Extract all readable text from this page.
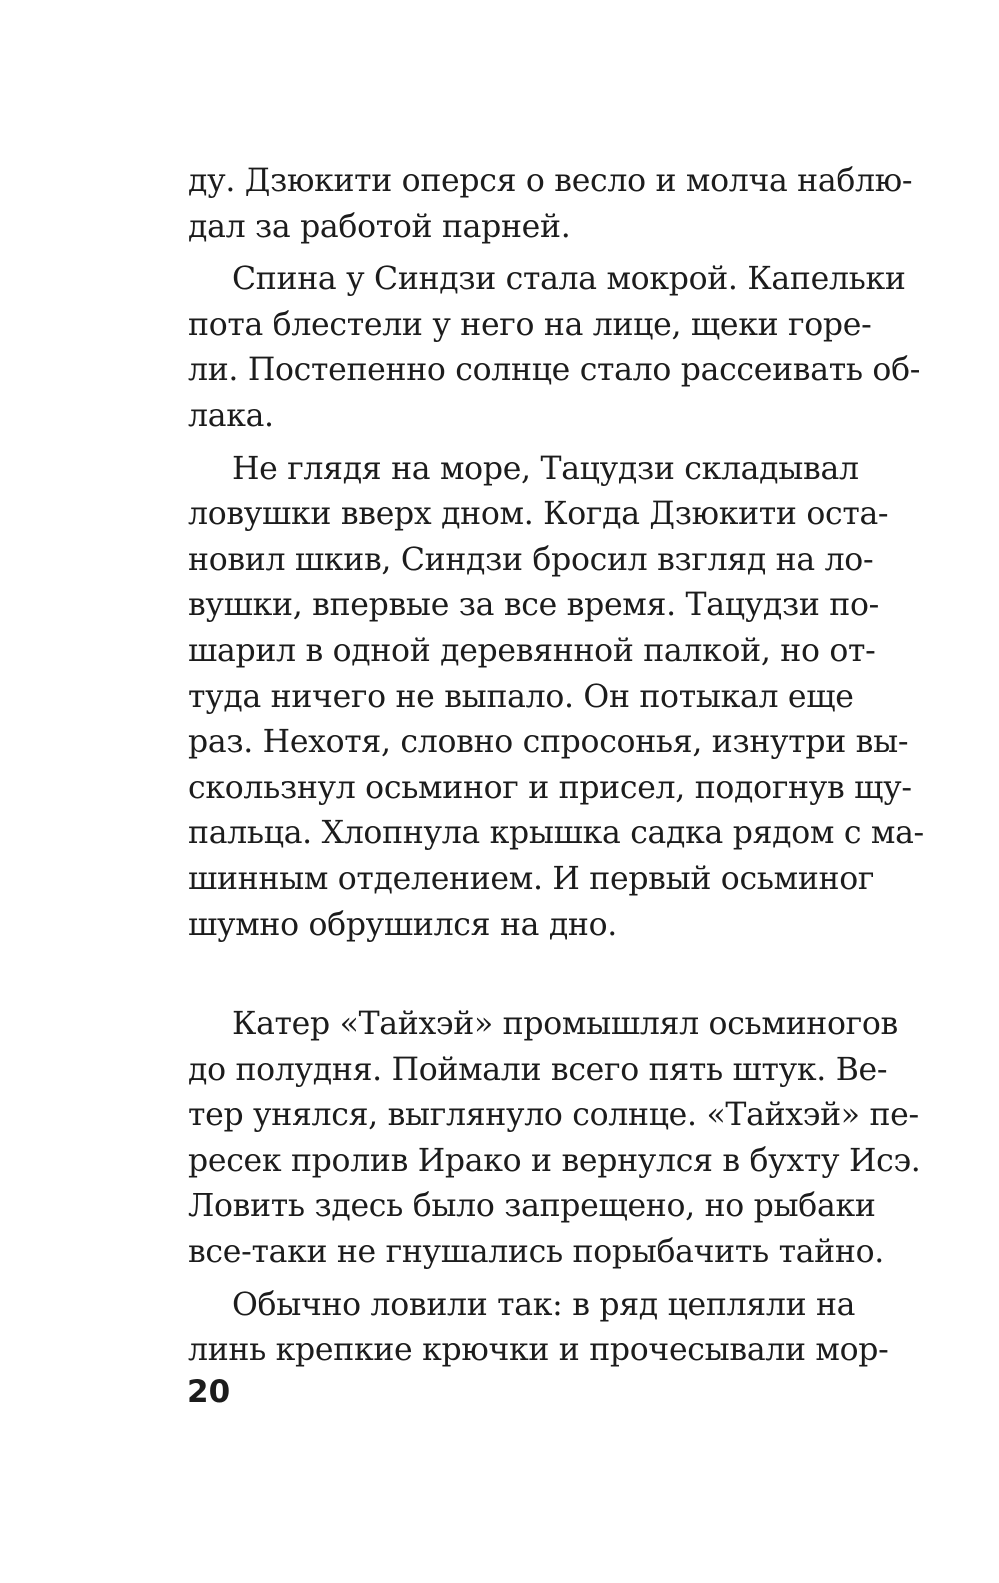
ду. Дзюкити оперся о весло и молча наблю-
дал за работой парней.
Спина у Синдзи стала мокрой. Капельки
пота блестели у него на лице, щеки горе-
ли. Постепенно солнце стало рассеивать об-
лака.
Не глядя на море, Тацудзи складывал
ловушки вверх дном. Когда Дзюкити оста-
новил шкив, Синдзи бросил взгляд на ло-
вушки, впервые за все время. Тацудзи по-
шарил в одной деревянной палкой, но от-
туда ничего не выпало. Он потыкал еще
раз. Нехотя, словно спросонья, изнутри вы-
скользнул осьминог и присел, подогнув щу-
пальца. Хлопнула крышка садка рядом с ма-
шинным отделением. И первый осьминог
шумно обрушился на дно.
Катер «Тайхэй» промышлял осьминогов
до полудня. Поймали всего пять штук. Ве-
тер унялся, выглянуло солнце. «Тайхэй» пе-
ресек пролив Ирако и вернулся в бухту Исэ.
Ловить здесь было запрещено, но рыбаки
все-таки не гнушались порыбачить тайно.
Обычно ловили так: в ряд цепляли на
линь крепкие крючки и прочесывали мор-
20
